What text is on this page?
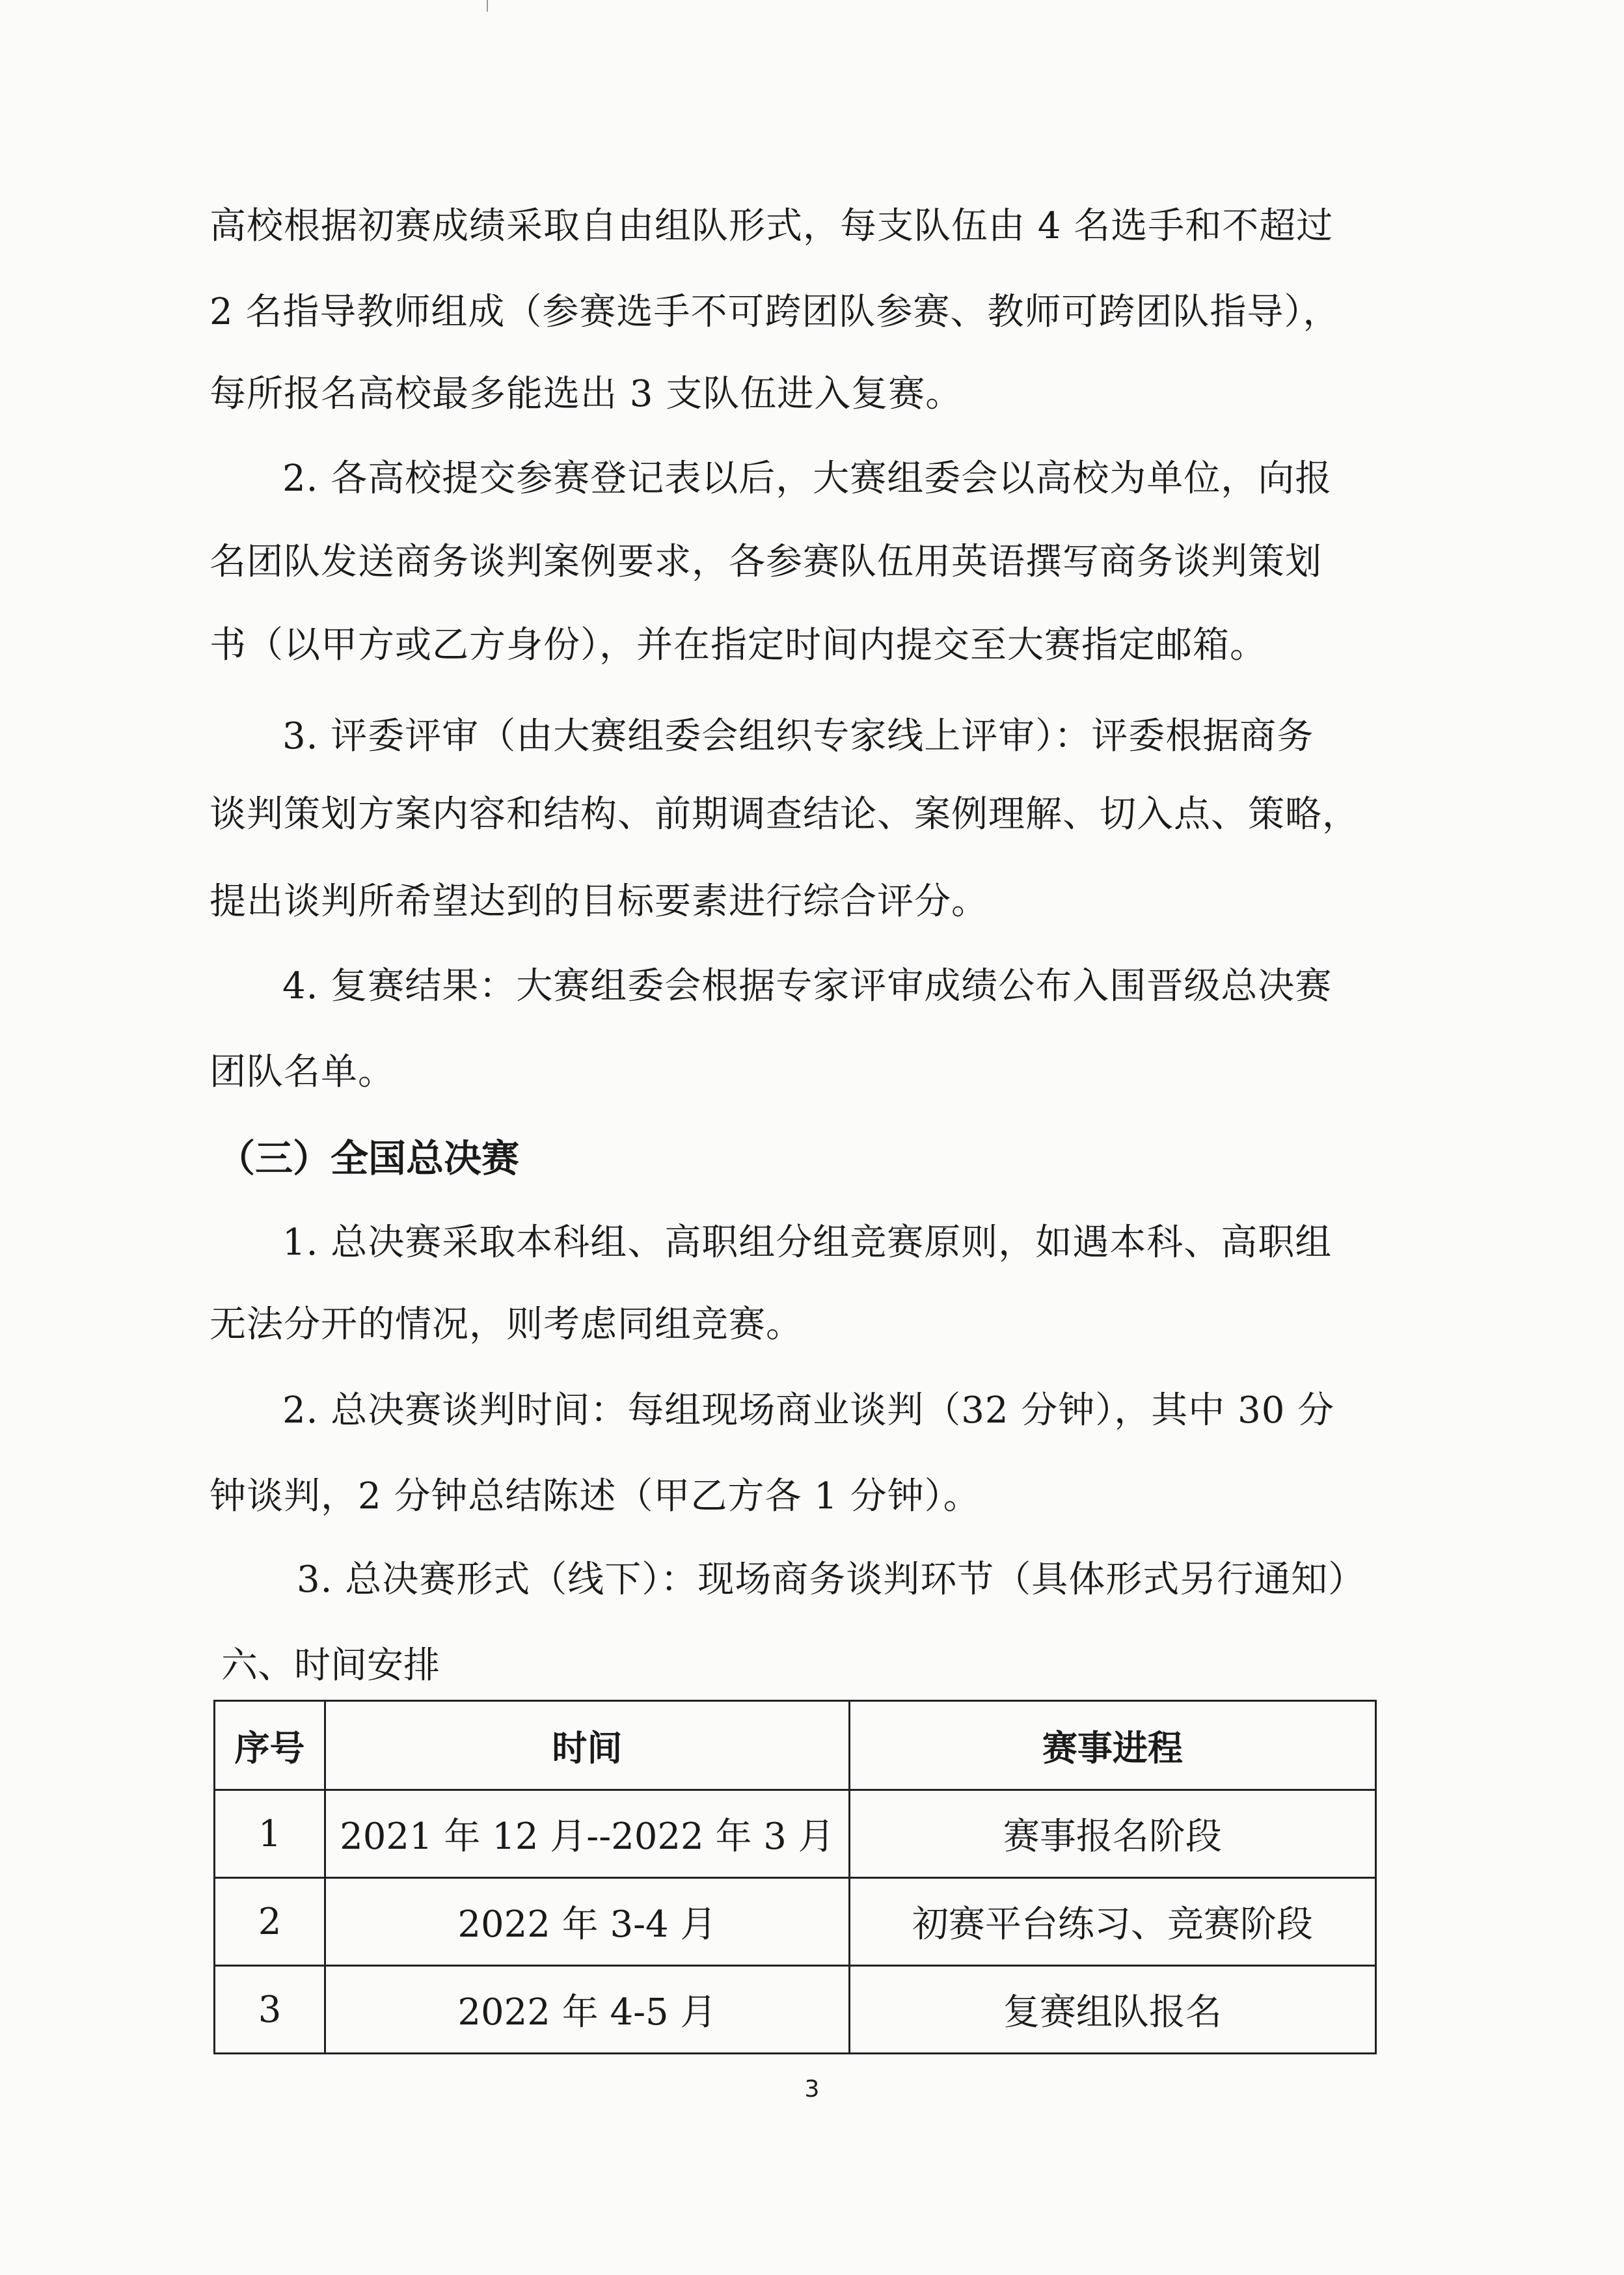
高校根据初赛成绩采取自由组队形式，每支队伍由 4 名选手和不超过
2 名指导教师组成（参赛选手不可跨团队参赛、教师可跨团队指导），
每所报名高校最多能选出 3 支队伍进入复赛。
2. 各高校提交参赛登记表以后，大赛组委会以高校为单位，向报
名团队发送商务谈判案例要求，各参赛队伍用英语撰写商务谈判策划
书（以甲方或乙方身份），并在指定时间内提交至大赛指定邮箱。
3. 评委评审（由大赛组委会组织专家线上评审）：评委根据商务
谈判策划方案内容和结构、前期调查结论、案例理解、切入点、策略，
提出谈判所希望达到的目标要素进行综合评分。
4. 复赛结果：大赛组委会根据专家评审成绩公布入围晋级总决赛
团队名单。
（三）全国总决赛
1. 总决赛采取本科组、高职组分组竞赛原则，如遇本科、高职组
无法分开的情况，则考虑同组竞赛。
2. 总决赛谈判时间：每组现场商业谈判（32 分钟），其中 30 分
钟谈判，2 分钟总结陈述（甲乙方各 1 分钟）。
3. 总决赛形式（线下）：现场商务谈判环节（具体形式另行通知）
六、时间安排
序号	时间	赛事进程
1	2021 年 12 月--2022 年 3 月	赛事报名阶段
2	2022 年 3-4 月	初赛平台练习、竞赛阶段
3	2022 年 4-5 月	复赛组队报名
3
